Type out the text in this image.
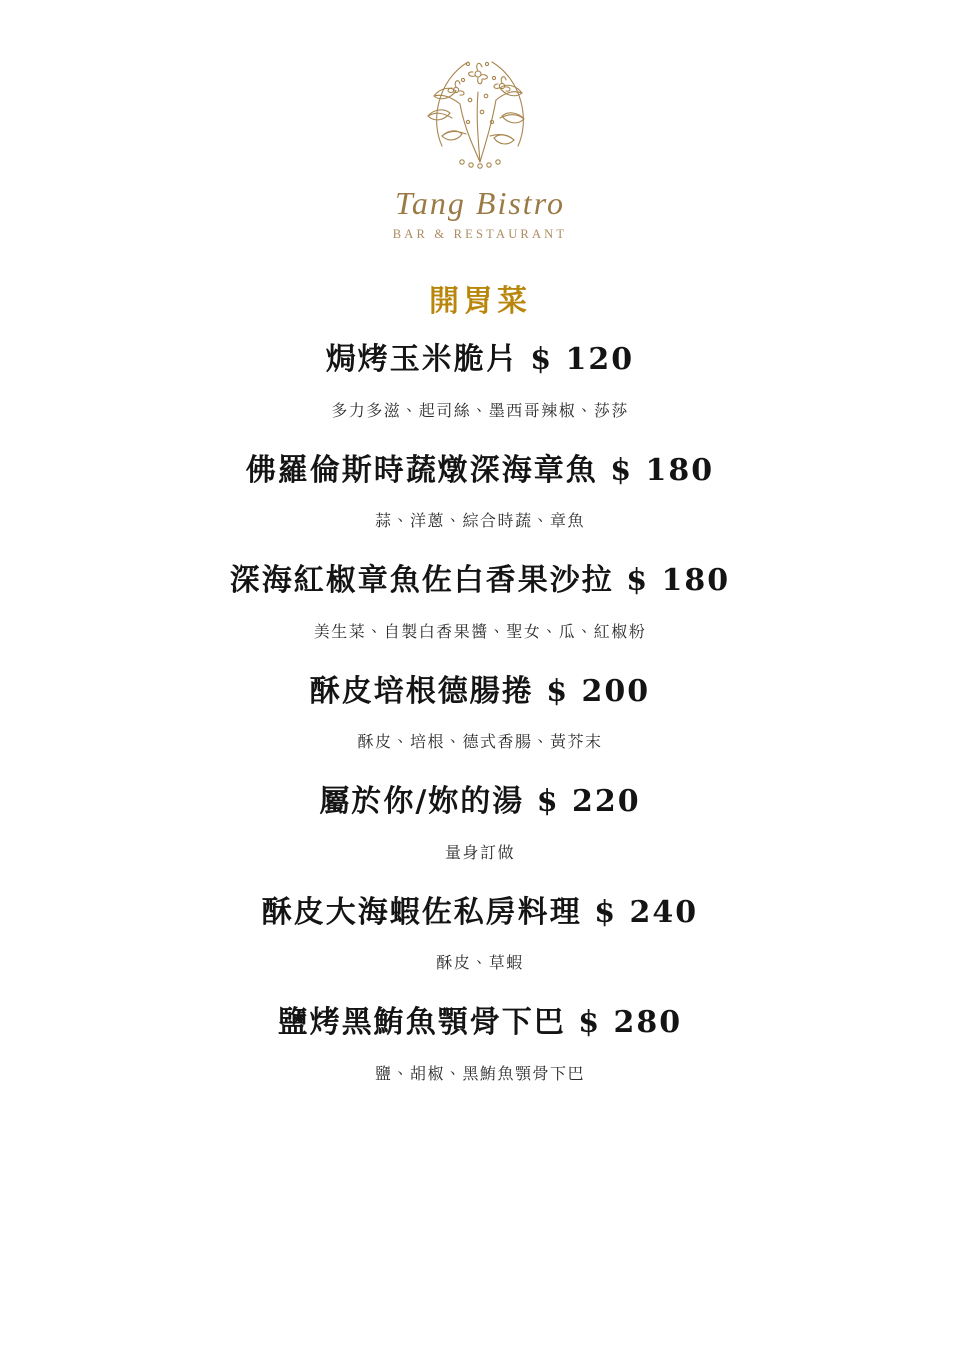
Tang Bistro
BAR & RESTAURANT
開胃菜
焗烤玉米脆片 $ 120
多力多滋、起司絲、墨西哥辣椒、莎莎
佛羅倫斯時蔬燉深海章魚 $ 180
蒜、洋蔥、綜合時蔬、章魚
深海紅椒章魚佐白香果沙拉 $ 180
美生菜、自製白香果醬、聖女、瓜、紅椒粉
酥皮培根德腸捲 $ 200
酥皮、培根、德式香腸、黃芥末
屬於你/妳的湯 $ 220
量身訂做
酥皮大海蝦佐私房料理 $ 240
酥皮、草蝦
鹽烤黑鮪魚顎骨下巴 $ 280
鹽、胡椒、黑鮪魚顎骨下巴
